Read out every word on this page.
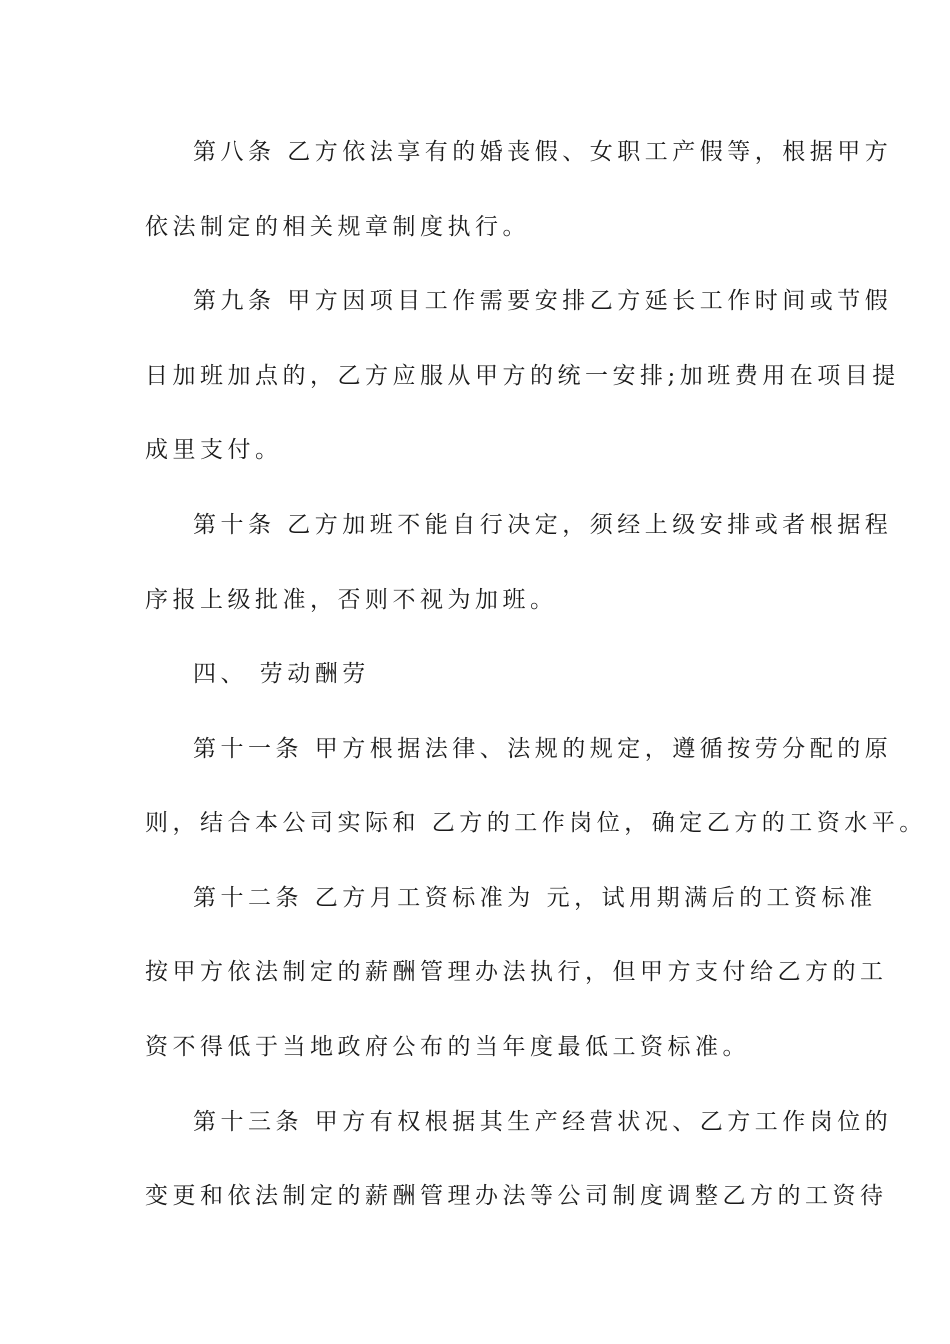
第八条 乙方依法享有的婚丧假、女职工产假等，根据甲方
依法制定的相关规章制度执行。
第九条 甲方因项目工作需要安排乙方延长工作时间或节假
日加班加点的，乙方应服从甲方的统一安排;加班费用在项目提
成里支付。
第十条 乙方加班不能自行决定，须经上级安排或者根据程
序报上级批准，否则不视为加班。
四、 劳动酬劳
第十一条 甲方根据法律、法规的规定，遵循按劳分配的原
则，结合本公司实际和 乙方的工作岗位，确定乙方的工资水平。
第十二条 乙方月工资标准为 元，试用期满后的工资标准
按甲方依法制定的薪酬管理办法执行，但甲方支付给乙方的工
资不得低于当地政府公布的当年度最低工资标准。
第十三条 甲方有权根据其生产经营状况、乙方工作岗位的
变更和依法制定的薪酬管理办法等公司制度调整乙方的工资待
